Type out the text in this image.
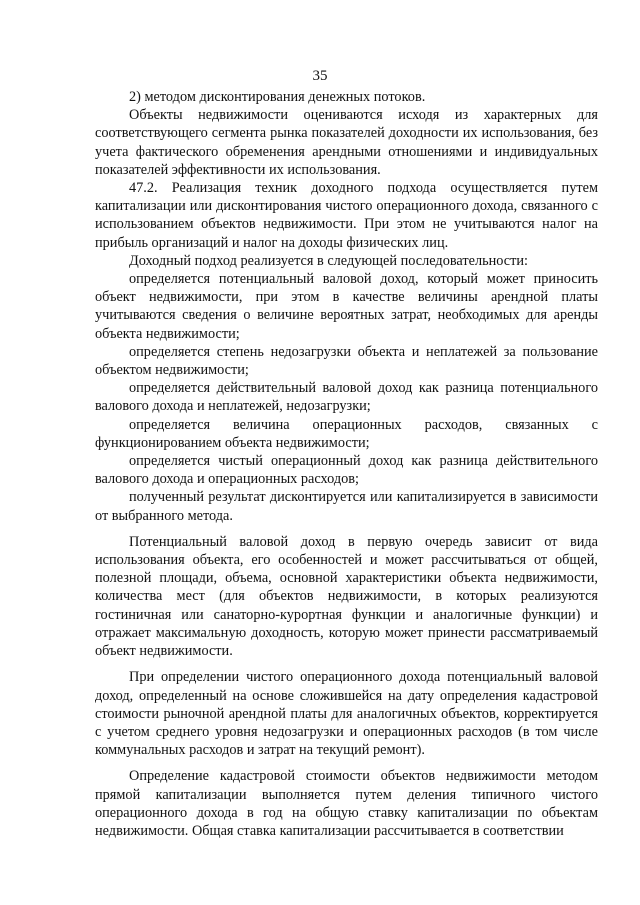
35

2) методом дисконтирования денежных потоков.

Объекты недвижимости оцениваются исходя из характерных для соответствующего сегмента рынка показателей доходности их использования, без учета фактического обременения арендными отношениями и индивидуальных показателей эффективности их использования.

47.2. Реализация техник доходного подхода осуществляется путем капитализации или дисконтирования чистого операционного дохода, связанного с использованием объектов недвижимости. При этом не учитываются налог на прибыль организаций и налог на доходы физических лиц.

Доходный подход реализуется в следующей последовательности:

определяется потенциальный валовой доход, который может приносить объект недвижимости, при этом в качестве величины арендной платы учитываются сведения о величине вероятных затрат, необходимых для аренды объекта недвижимости;

определяется степень недозагрузки объекта и неплатежей за пользование объектом недвижимости;

определяется действительный валовой доход как разница потенциального валового дохода и неплатежей, недозагрузки;

определяется величина операционных расходов, связанных с функционированием объекта недвижимости;

определяется чистый операционный доход как разница действительного валового дохода и операционных расходов;

полученный результат дисконтируется или капитализируется в зависимости от выбранного метода.

Потенциальный валовой доход в первую очередь зависит от вида использования объекта, его особенностей и может рассчитываться от общей, полезной площади, объема, основной характеристики объекта недвижимости, количества мест (для объектов недвижимости, в которых реализуются гостиничная или санаторно-курортная функции и аналогичные функции) и отражает максимальную доходность, которую может принести рассматриваемый объект недвижимости.

При определении чистого операционного дохода потенциальный валовой доход, определенный на основе сложившейся на дату определения кадастровой стоимости рыночной арендной платы для аналогичных объектов, корректируется с учетом среднего уровня недозагрузки и операционных расходов (в том числе коммунальных расходов и затрат на текущий ремонт).

Определение кадастровой стоимости объектов недвижимости методом прямой капитализации выполняется путем деления типичного чистого операционного дохода в год на общую ставку капитализации по объектам недвижимости. Общая ставка капитализации рассчитывается в соответствии
